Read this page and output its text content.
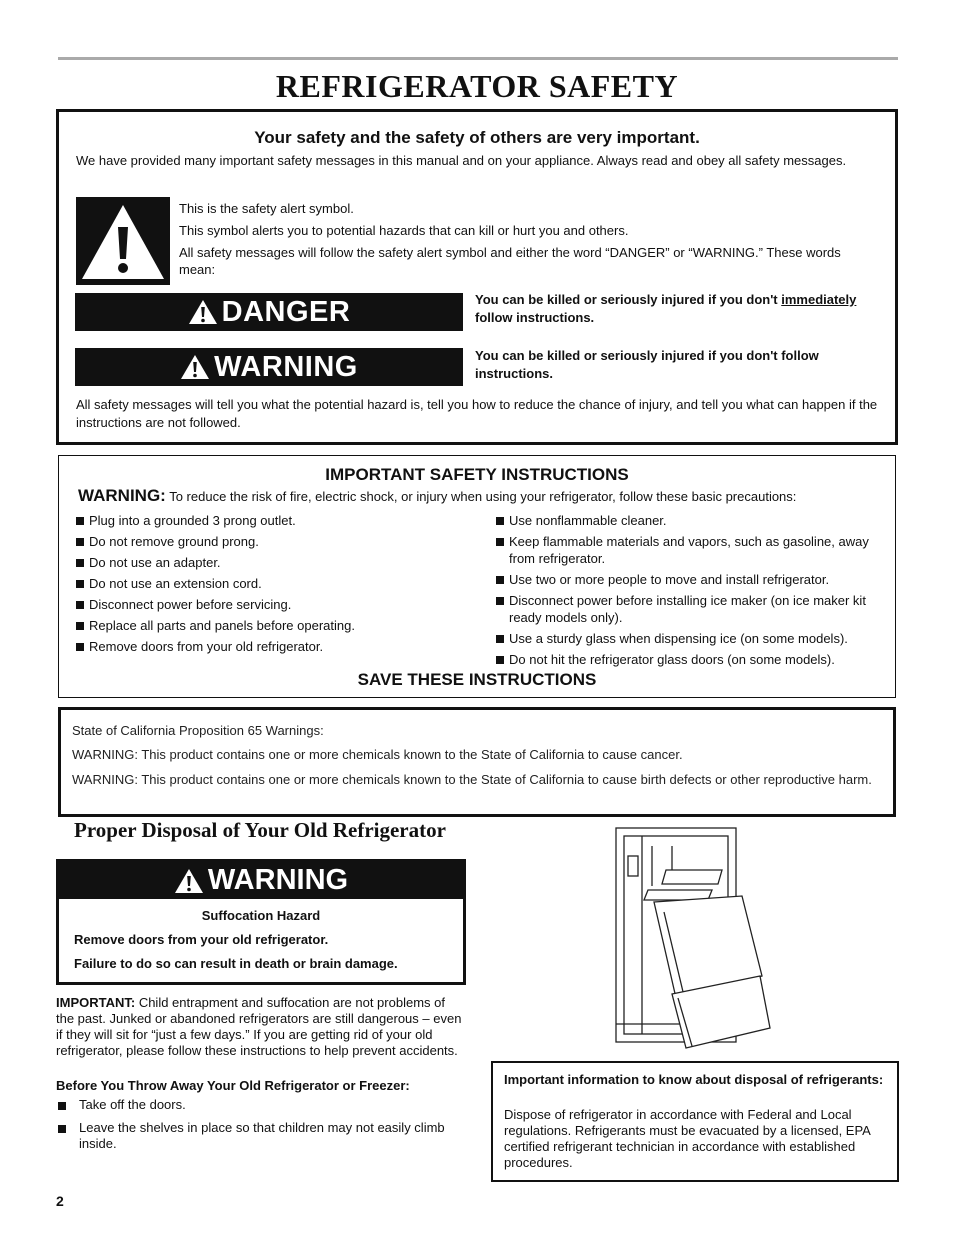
REFRIGERATOR SAFETY
Your safety and the safety of others are very important.
We have provided many important safety messages in this manual and on your appliance. Always read and obey all safety messages.

This is the safety alert symbol.

This symbol alerts you to potential hazards that can kill or hurt you and others.

All safety messages will follow the safety alert symbol and either the word “DANGER” or “WARNING.” These words mean:

DANGER	You can be killed or seriously injured if you don't immediately follow instructions.
WARNING	You can be killed or seriously injured if you don't follow instructions.
All safety messages will tell you what the potential hazard is, tell you how to reduce the chance of injury, and tell you what can happen if the instructions are not followed.
IMPORTANT SAFETY INSTRUCTIONS
WARNING: To reduce the risk of fire, electric shock, or injury when using your refrigerator, follow these basic precautions:
Plug into a grounded 3 prong outlet.
Do not remove ground prong.
Do not use an adapter.
Do not use an extension cord.
Disconnect power before servicing.
Replace all parts and panels before operating.
Remove doors from your old refrigerator.
Use nonflammable cleaner.
Keep flammable materials and vapors, such as gasoline, away from refrigerator.
Use two or more people to move and install refrigerator.
Disconnect power before installing ice maker (on ice maker kit ready models only).
Use a sturdy glass when dispensing ice (on some models).
Do not hit the refrigerator glass doors (on some models).
SAVE THESE INSTRUCTIONS

State of California Proposition 65 Warnings:

WARNING: This product contains one or more chemicals known to the State of California to cause cancer.

WARNING: This product contains one or more chemicals known to the State of California to cause birth defects or other reproductive harm.

Proper Disposal of Your Old Refrigerator
WARNING
Suffocation Hazard
Remove doors from your old refrigerator.
Failure to do so can result in death or brain damage.
IMPORTANT: Child entrapment and suffocation are not problems of the past. Junked or abandoned refrigerators are still dangerous – even if they will sit for “just a few days.” If you are getting rid of your old refrigerator, please follow these instructions to help prevent accidents.
Before You Throw Away Your Old Refrigerator or Freezer:
Take off the doors.
Leave the shelves in place so that children may not easily climb inside.
Important information to know about disposal of refrigerants:
Dispose of refrigerator in accordance with Federal and Local regulations. Refrigerants must be evacuated by a licensed, EPA certified refrigerant technician in accordance with established procedures.
2
